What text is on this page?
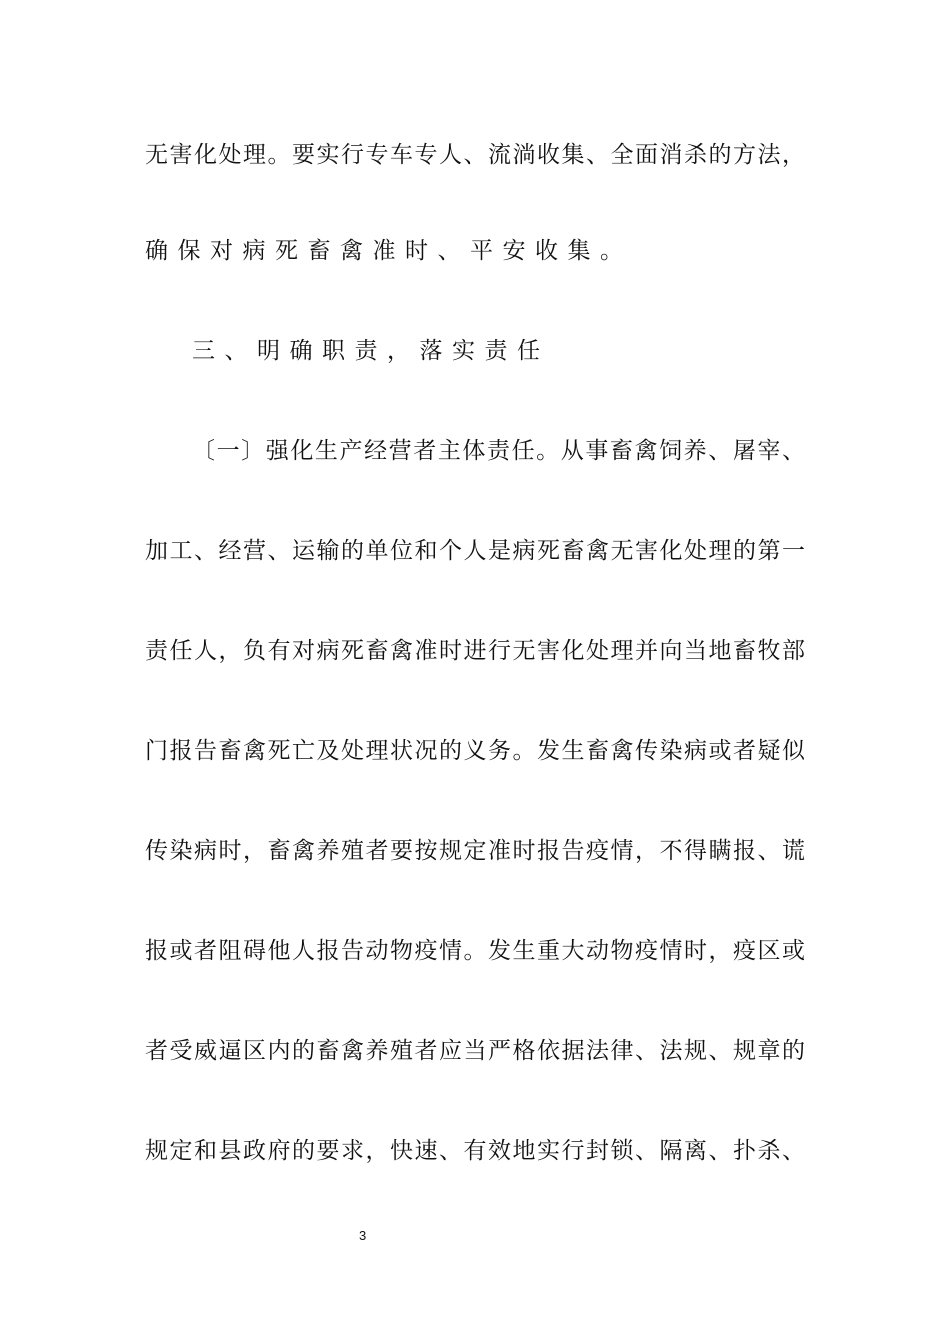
无害化处理。要实行专车专人、流淌收集、全面消杀的方法，
确保对病死畜禽准时、平安收集。
三、明确职责，落实责任
〔一〕强化生产经营者主体责任。从事畜禽饲养、屠宰、
加工、经营、运输的单位和个人是病死畜禽无害化处理的第一
责任人，负有对病死畜禽准时进行无害化处理并向当地畜牧部
门报告畜禽死亡及处理状况的义务。发生畜禽传染病或者疑似
传染病时，畜禽养殖者要按规定准时报告疫情，不得瞒报、谎
报或者阻碍他人报告动物疫情。发生重大动物疫情时，疫区或
者受威逼区内的畜禽养殖者应当严格依据法律、法规、规章的
规定和县政府的要求，快速、有效地实行封锁、隔离、扑杀、
3
